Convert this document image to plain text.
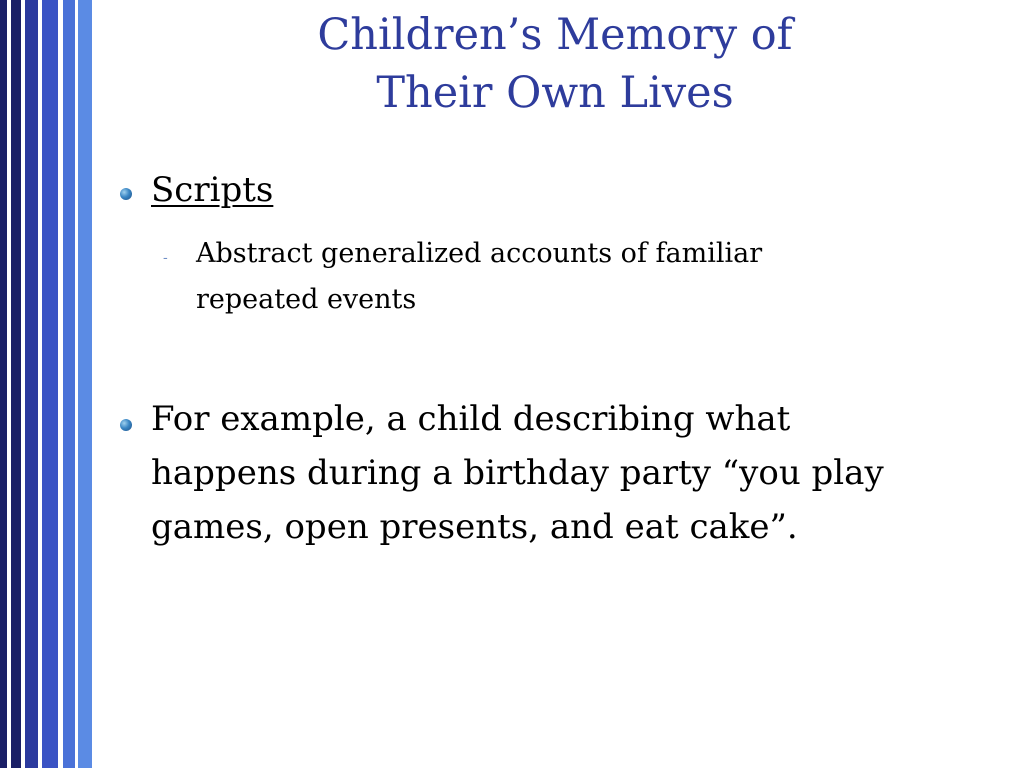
Children’s Memory of
Their Own Lives
Scripts
- Abstract generalized accounts of familiar
repeated events
For example, a child describing what
happens during a birthday party “you play
games, open presents, and eat cake”.
